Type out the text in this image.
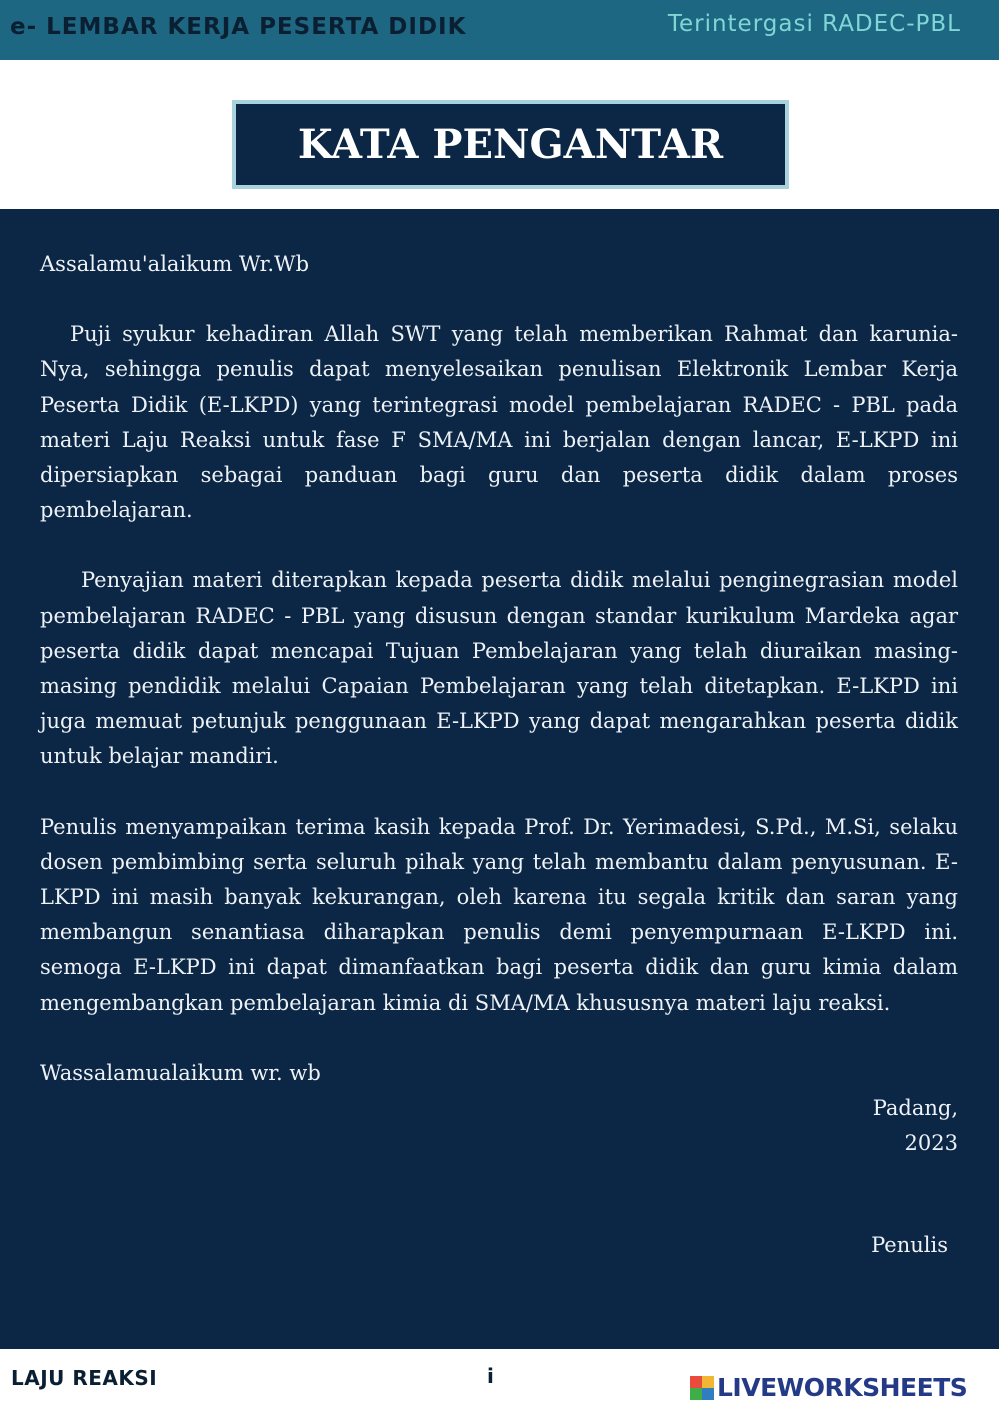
e- LEMBAR KERJA PESERTA DIDIK	Terintergasi RADEC-PBL
KATA PENGANTAR

Assalamu'alaikum Wr.Wb

Puji syukur kehadiran Allah SWT yang telah memberikan Rahmat dan karunia-Nya, sehingga penulis dapat menyelesaikan penulisan Elektronik Lembar Kerja Peserta Didik (E-LKPD) yang terintegrasi model pembelajaran RADEC - PBL pada materi Laju Reaksi untuk fase F SMA/MA ini berjalan dengan lancar, E-LKPD ini dipersiapkan sebagai panduan bagi guru dan peserta didik dalam proses pembelajaran.

Penyajian materi diterapkan kepada peserta didik melalui penginegrasian model pembelajaran RADEC - PBL yang disusun dengan standar kurikulum Mardeka agar peserta didik dapat mencapai Tujuan Pembelajaran yang telah diuraikan masing-masing pendidik melalui Capaian Pembelajaran yang telah ditetapkan. E-LKPD ini juga memuat petunjuk penggunaan E-LKPD yang dapat mengarahkan peserta didik untuk belajar mandiri.

Penulis menyampaikan terima kasih kepada Prof. Dr. Yerimadesi, S.Pd., M.Si, selaku dosen pembimbing serta seluruh pihak yang telah membantu dalam penyusunan. E-LKPD ini masih banyak kekurangan, oleh karena itu segala kritik dan saran yang membangun senantiasa diharapkan penulis demi penyempurnaan E-LKPD ini. semoga E-LKPD ini dapat dimanfaatkan bagi peserta didik dan guru kimia dalam mengembangkan pembelajaran kimia di SMA/MA khususnya materi laju reaksi.

Wassalamualaikum wr. wb

Padang,
2023
Penulis
LAJU REAKSI	i	LIVEWORKSHEETS
